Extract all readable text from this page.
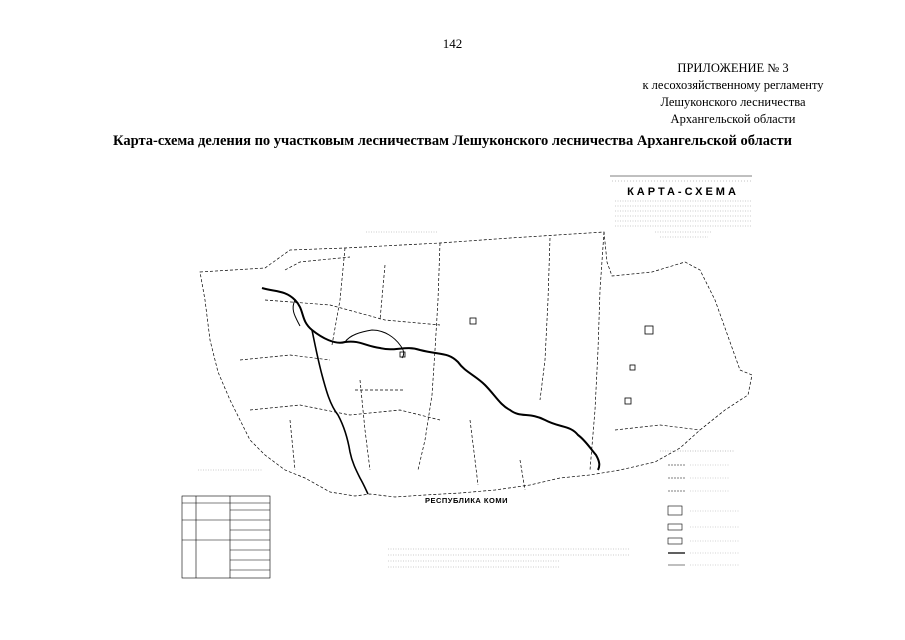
142
ПРИЛОЖЕНИЕ № 3
к лесохозяйственному регламенту
Лешуконского лесничества
Архангельской области
Карта-схема деления по участковым лесничествам Лешуконского лесничества Архангельской области
КАРТА-СХЕМА
РЕСПУБЛИКА КОМИ
